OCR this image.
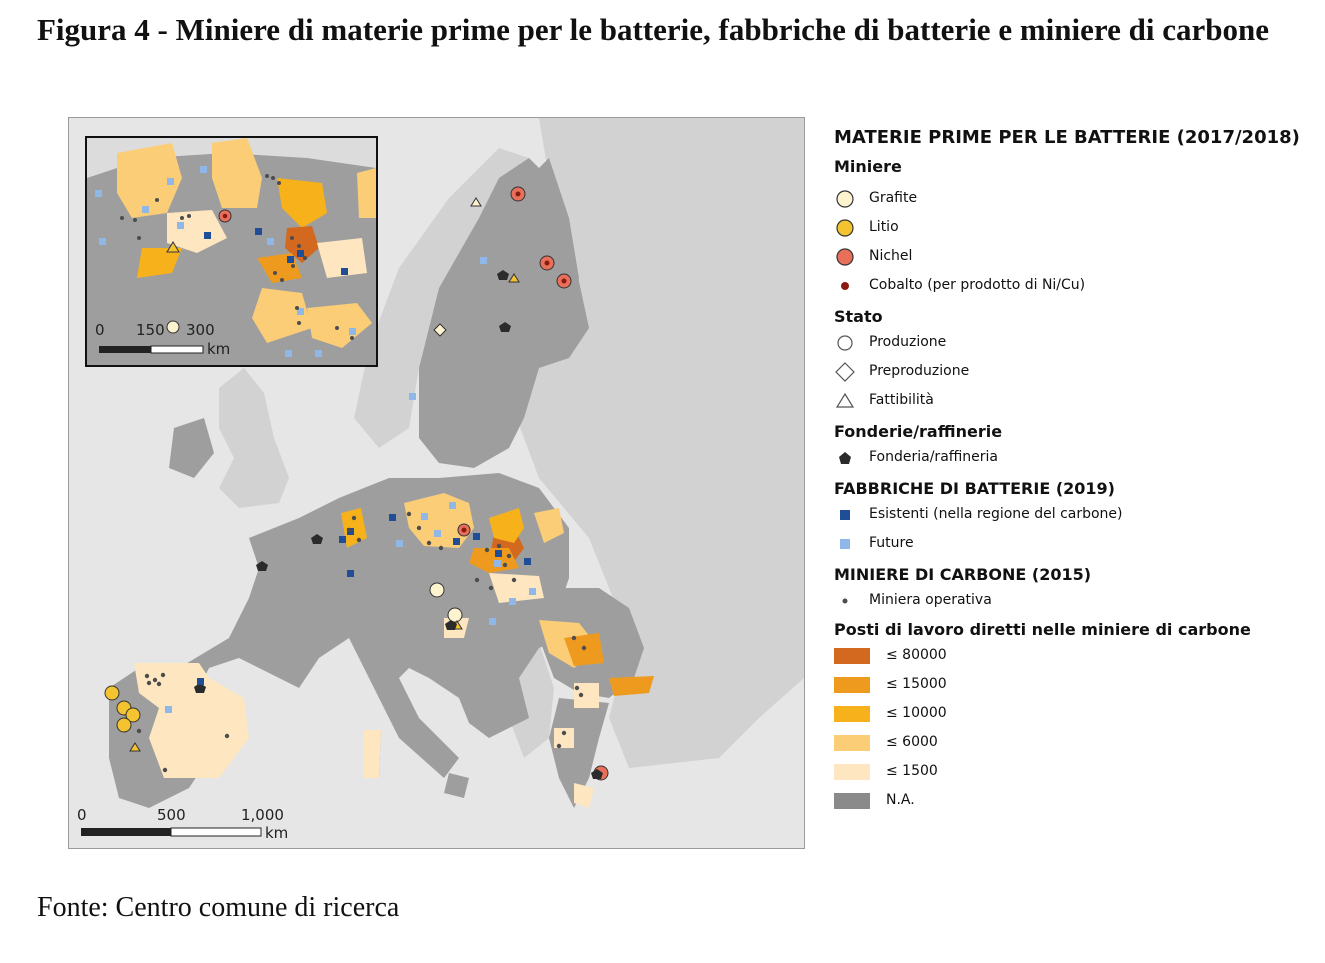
Figura 4 - Miniere di materie prime per le batterie, fabbriche di batterie e miniere di carbone
0 150 300
km
0	500	1,000
km

MATERIE PRIME PER LE BATTERIE (2017/2018)

Miniere

Grafite
Litio
Nichel
Cobalto (per prodotto di Ni/Cu)

Stato

Produzione
Preproduzione
Fattibilità

Fonderie/raffinerie

Fonderia/raffineria

FABBRICHE DI BATTERIE (2019)

Esistenti (nella regione del carbone)
Future

MINIERE DI CARBONE (2015)

Miniera operativa

Posti di lavoro diretti nelle miniere di carbone

≤ 80000
≤ 15000
≤ 10000
≤ 6000
≤ 1500
N.A.

Fonte: Centro comune di ricerca
